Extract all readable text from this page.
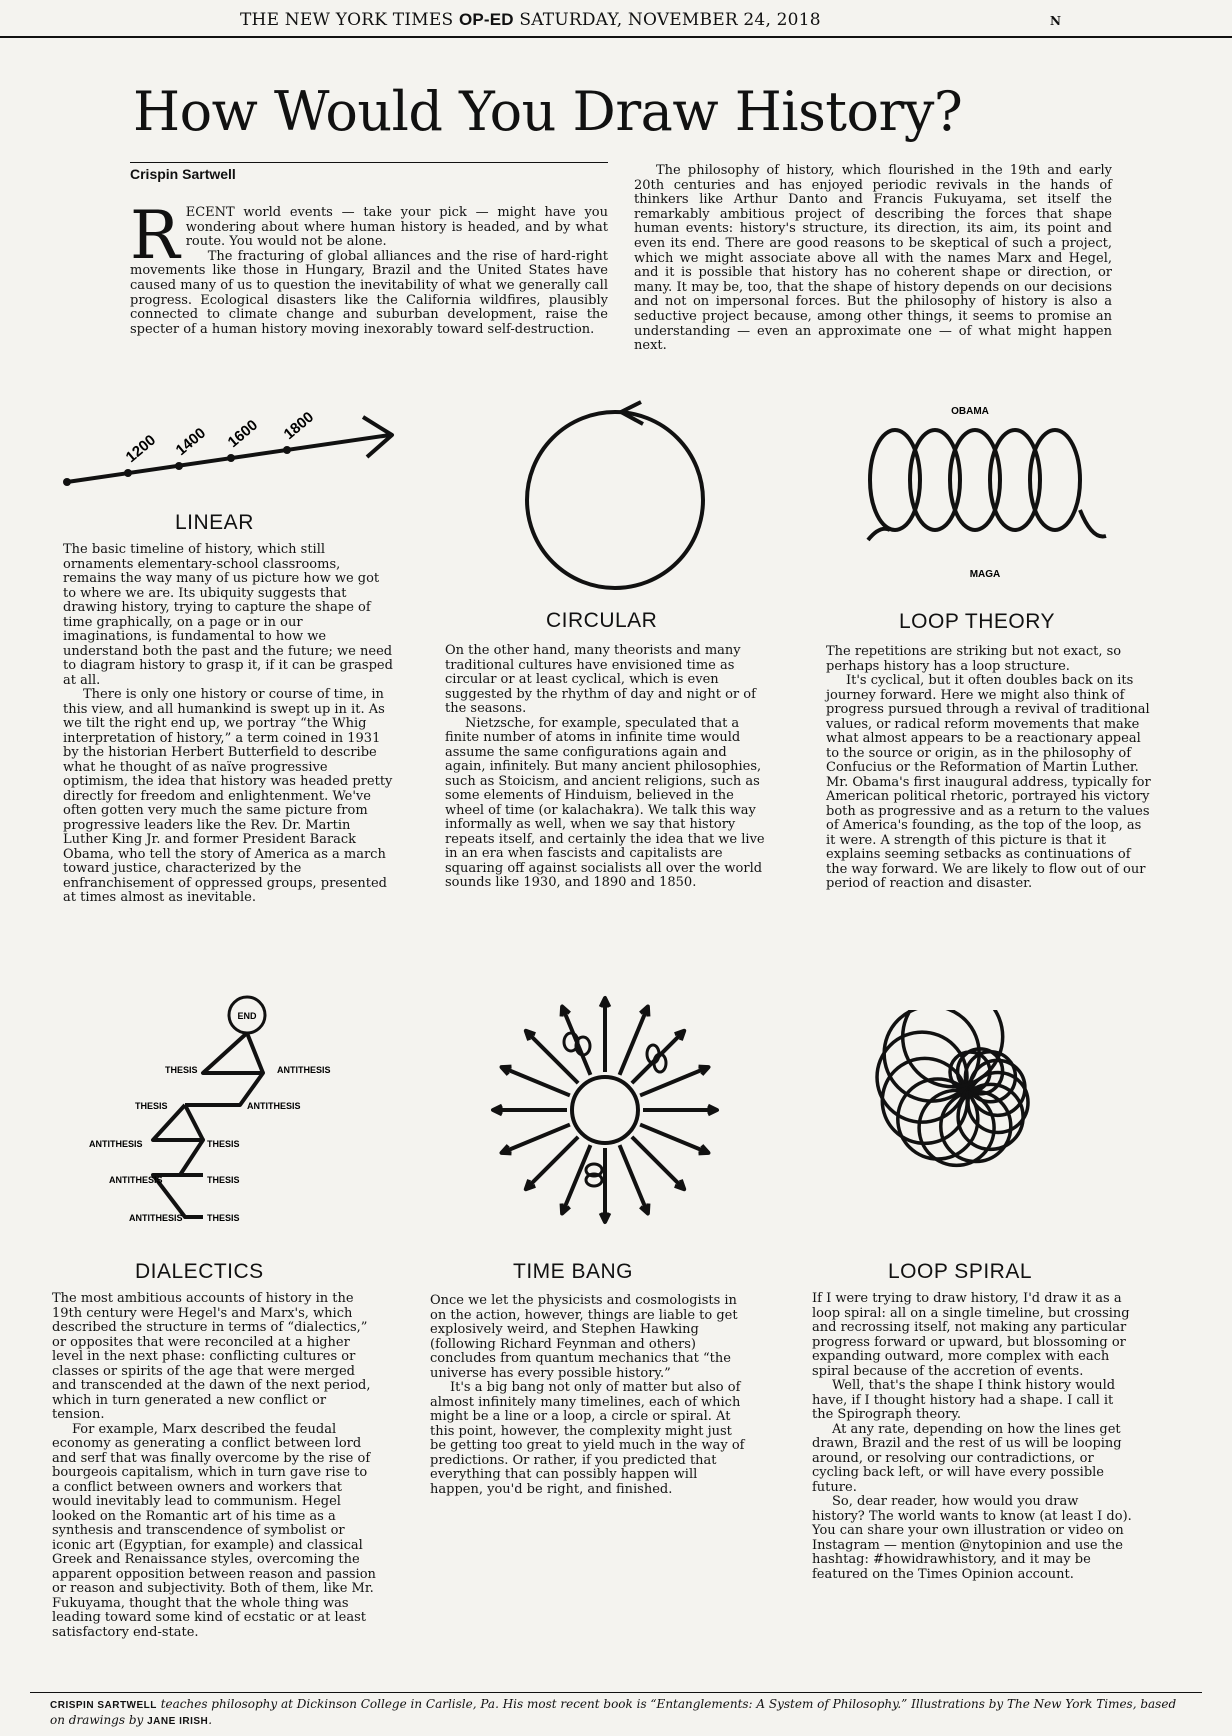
THE NEW YORK TIMES OP-ED SATURDAY, NOVEMBER 24, 2018	N
How Would You Draw History?
Crispin Sartwell

RECENT world events — take your pick — might have you wondering about where human history is headed, and by what route. You would not be alone.

The fracturing of global alliances and the rise of hard-right movements like those in Hungary, Brazil and the United States have caused many of us to question the inevitability of what we generally call progress. Ecological disasters like the California wildfires, plausibly connected to climate change and suburban development, raise the specter of a human history moving inexorably toward self-destruction.

The philosophy of history, which flourished in the 19th and early 20th centuries and has enjoyed periodic revivals in the hands of thinkers like Arthur Danto and Francis Fukuyama, set itself the remarkably ambitious project of describing the forces that shape human events: history's structure, its direction, its aim, its point and even its end. There are good reasons to be skeptical of such a project, which we might associate above all with the names Marx and Hegel, and it is possible that history has no coherent shape or direction, or many. It may be, too, that the shape of history depends on our decisions and not on impersonal forces. But the philosophy of history is also a seductive project because, among other things, it seems to promise an understanding — even an approximate one — of what might happen next.

1200 1400 1600 1800	OBAMA
MAGA
LINEAR
CIRCULAR	LOOP THEORY

The basic timeline of history, which still ornaments elementary-school classrooms, remains the way many of us picture how we got to where we are. Its ubiquity suggests that drawing history, trying to capture the shape of time graphically, on a page or in our imaginations, is fundamental to how we understand both the past and the future; we need to diagram history to grasp it, if it can be grasped at all.

There is only one history or course of time, in this view, and all humankind is swept up in it. As we tilt the right end up, we portray “the Whig interpretation of history,” a term coined in 1931 by the historian Herbert Butterfield to describe what he thought of as naïve progressive optimism, the idea that history was headed pretty directly for freedom and enlightenment. We've often gotten very much the same picture from progressive leaders like the Rev. Dr. Martin Luther King Jr. and former President Barack Obama, who tell the story of America as a march toward justice, characterized by the enfranchisement of oppressed groups, presented at times almost as inevitable.

On the other hand, many theorists and many traditional cultures have envisioned time as circular or at least cyclical, which is even suggested by the rhythm of day and night or of the seasons.

Nietzsche, for example, speculated that a finite number of atoms in infinite time would assume the same configurations again and again, infinitely. But many ancient philosophies, such as Stoicism, and ancient religions, such as some elements of Hinduism, believed in the wheel of time (or kalachakra). We talk this way informally as well, when we say that history repeats itself, and certainly the idea that we live in an era when fascists and capitalists are squaring off against socialists all over the world sounds like 1930, and 1890 and 1850.

The repetitions are striking but not exact, so perhaps history has a loop structure.

It's cyclical, but it often doubles back on its journey forward. Here we might also think of progress pursued through a revival of traditional values, or radical reform movements that make what almost appears to be a reactionary appeal to the source or origin, as in the philosophy of Confucius or the Reformation of Martin Luther. Mr. Obama's first inaugural address, typically for American political rhetoric, portrayed his victory both as progressive and as a return to the values of America's founding, as the top of the loop, as it were. A strength of this picture is that it explains seeming setbacks as continuations of the way forward. We are likely to flow out of our period of reaction and disaster.

END
THESIS	ANTITHESIS
THESIS	ANTITHESIS
ANTITHESIS	THESIS
ANTITHESIS	THESIS
ANTITHESIS	THESIS
DIALECTICS	TIME BANG	LOOP SPIRAL

The most ambitious accounts of history in the 19th century were Hegel's and Marx's, which described the structure in terms of “dialectics,” or opposites that were reconciled at a higher level in the next phase: conflicting cultures or classes or spirits of the age that were merged and transcended at the dawn of the next period, which in turn generated a new conflict or tension.

For example, Marx described the feudal economy as generating a conflict between lord and serf that was finally overcome by the rise of bourgeois capitalism, which in turn gave rise to a conflict between owners and workers that would inevitably lead to communism. Hegel looked on the Romantic art of his time as a synthesis and transcendence of symbolist or iconic art (Egyptian, for example) and classical Greek and Renaissance styles, overcoming the apparent opposition between reason and passion or reason and subjectivity. Both of them, like Mr. Fukuyama, thought that the whole thing was leading toward some kind of ecstatic or at least satisfactory end-state.

Once we let the physicists and cosmologists in on the action, however, things are liable to get explosively weird, and Stephen Hawking (following Richard Feynman and others) concludes from quantum mechanics that “the universe has every possible history.”

It's a big bang not only of matter but also of almost infinitely many timelines, each of which might be a line or a loop, a circle or spiral. At this point, however, the complexity might just be getting too great to yield much in the way of predictions. Or rather, if you predicted that everything that can possibly happen will happen, you'd be right, and finished.

If I were trying to draw history, I'd draw it as a loop spiral: all on a single timeline, but crossing and recrossing itself, not making any particular progress forward or upward, but blossoming or expanding outward, more complex with each spiral because of the accretion of events.

Well, that's the shape I think history would have, if I thought history had a shape. I call it the Spirograph theory.

At any rate, depending on how the lines get drawn, Brazil and the rest of us will be looping around, or resolving our contradictions, or cycling back left, or will have every possible future.

So, dear reader, how would you draw history? The world wants to know (at least I do). You can share your own illustration or video on Instagram — mention @nytopinion and use the hashtag: #howidrawhistory, and it may be featured on the Times Opinion account.

CRISPIN SARTWELL teaches philosophy at Dickinson College in Carlisle, Pa. His most recent book is “Entanglements: A System of Philosophy.” Illustrations by The New York Times, based on drawings by JANE IRISH.
